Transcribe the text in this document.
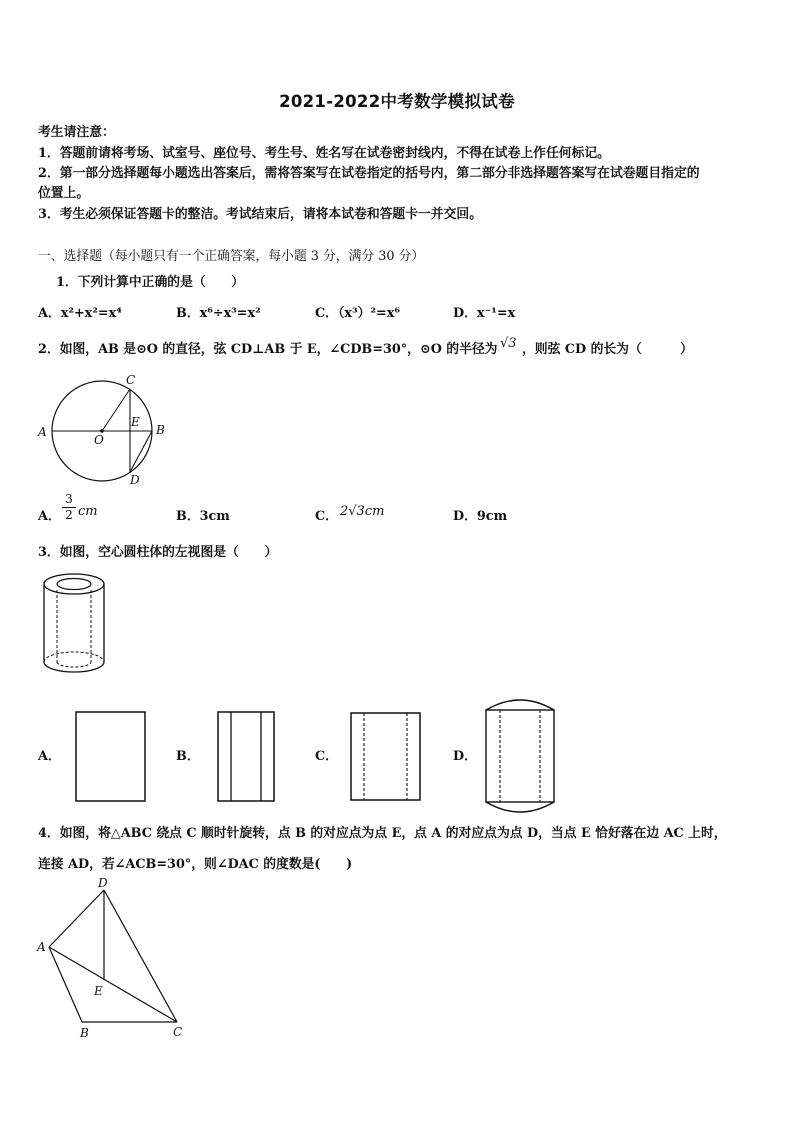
2021-2022中考数学模拟试卷
考生请注意：
1．答题前请将考场、试室号、座位号、考生号、姓名写在试卷密封线内，不得在试卷上作任何标记。
2．第一部分选择题每小题选出答案后，需将答案写在试卷指定的括号内，第二部分非选择题答案写在试卷题目指定的
位置上。
3．考生必须保证答题卡的整洁。考试结束后，请将本试卷和答题卡一并交回。
一、选择题（每小题只有一个正确答案，每小题 3 分，满分 30 分）
1．下列计算中正确的是（　　）
A．x²+x²=x⁴	B．x⁶÷x³=x²	C．（x³）²=x⁶	D．x⁻¹=x
2．如图，AB 是⊙O 的直径，弦 CD⊥AB 于 E，∠CDB=30°，⊙O 的半径为 √3 ，则弦 CD 的长为（　　　）
A	B
C
D
E
O
A． $\frac{3}{2}$ cm	B．3cm	C． 2√3cm	D．9cm
3．如图，空心圆柱体的左视图是（　　）
A．	B．	C．	D．
4．如图，将△ABC 绕点 C 顺时针旋转，点 B 的对应点为点 E，点 A 的对应点为点 D，当点 E 恰好落在边 AC 上时，
连接 AD，若∠ACB=30°，则∠DAC 的度数是(　　)
A
B	C
D
E
